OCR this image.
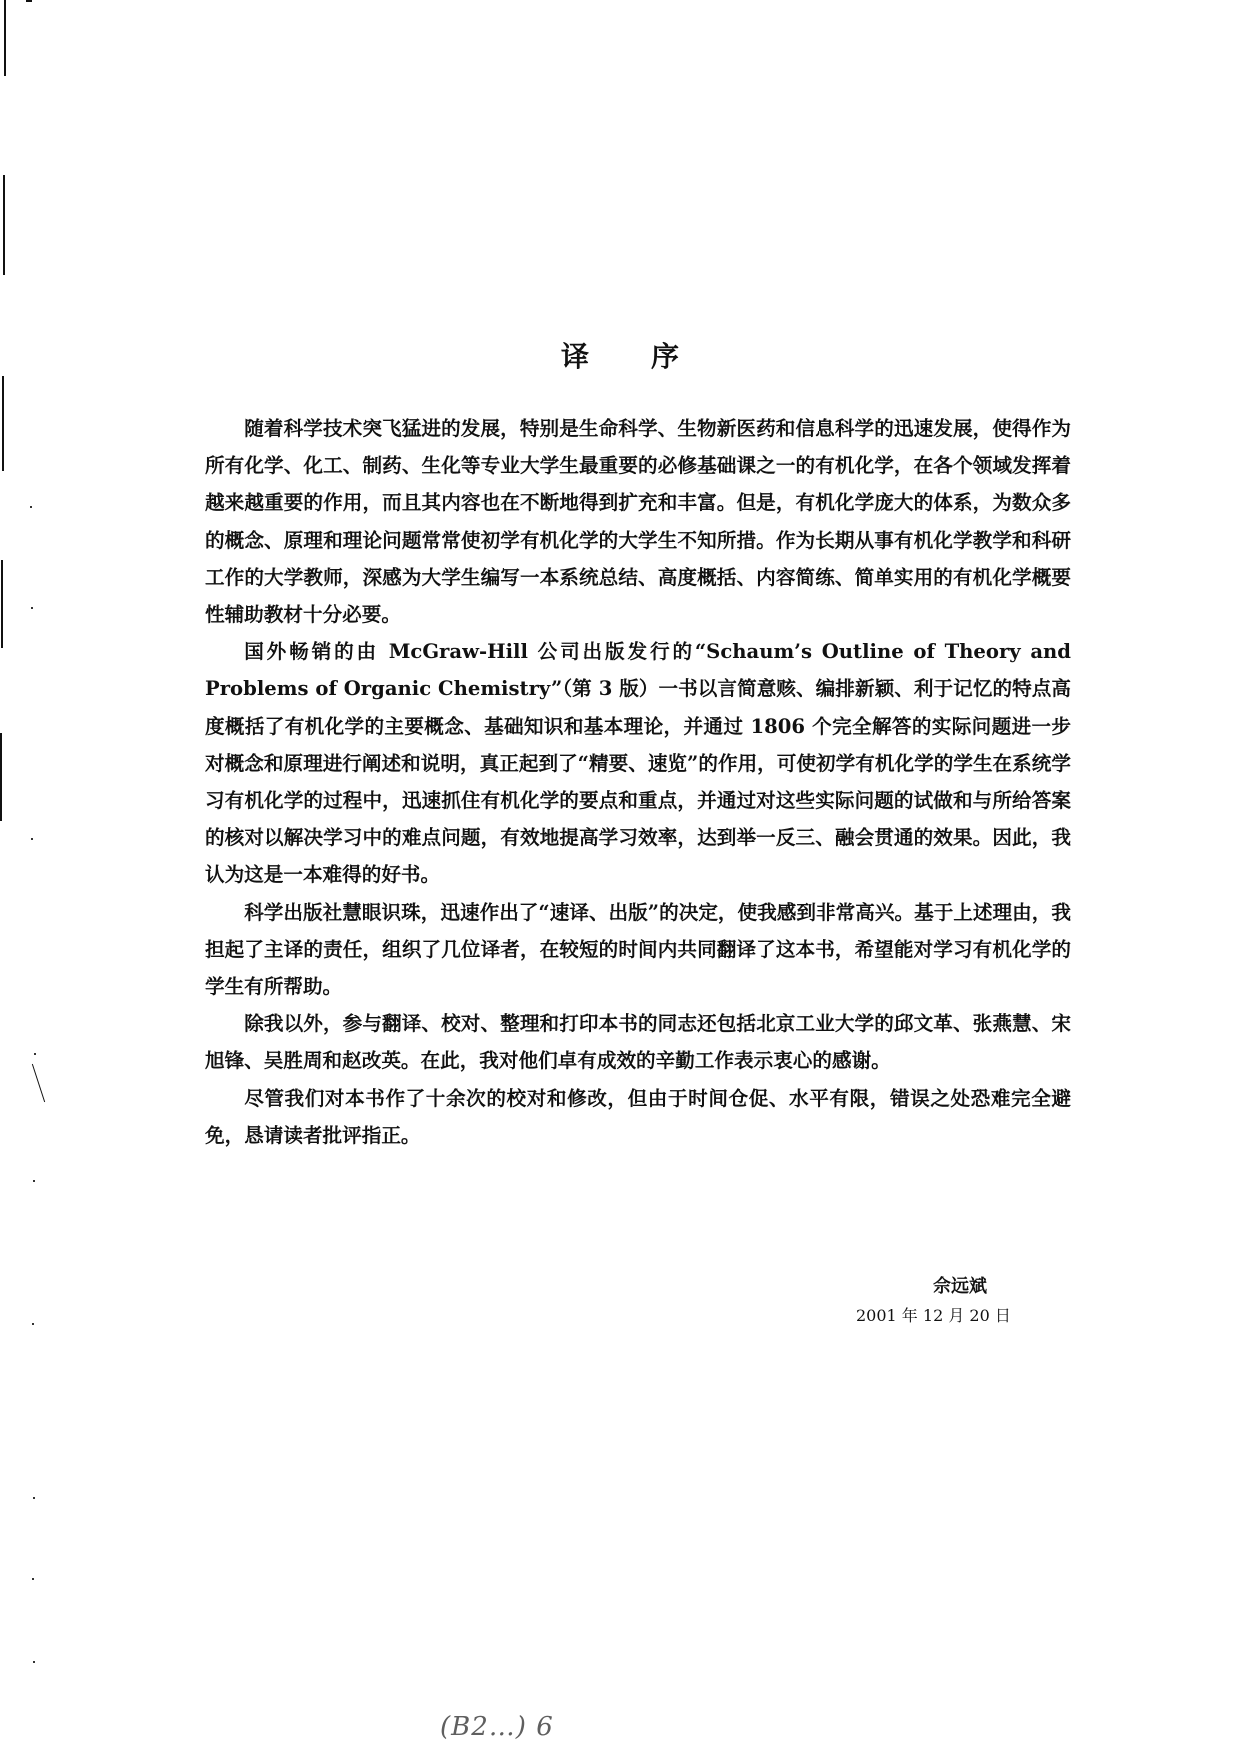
译 序

随着科学技术突飞猛进的发展，特别是生命科学、生物新医药和信息科学的迅速发展，使得作为所有化学、化工、制药、生化等专业大学生最重要的必修基础课之一的有机化学，在各个领域发挥着越来越重要的作用，而且其内容也在不断地得到扩充和丰富。但是，有机化学庞大的体系，为数众多的概念、原理和理论问题常常使初学有机化学的大学生不知所措。作为长期从事有机化学教学和科研工作的大学教师，深感为大学生编写一本系统总结、高度概括、内容简练、简单实用的有机化学概要性辅助教材十分必要。

国外畅销的由 McGraw-Hill 公司出版发行的“Schaum’s Outline of Theory and Problems of Organic Chemistry”（第 3 版）一书以言简意赅、编排新颖、利于记忆的特点高度概括了有机化学的主要概念、基础知识和基本理论，并通过 1806 个完全解答的实际问题进一步对概念和原理进行阐述和说明，真正起到了“精要、速览”的作用，可使初学有机化学的学生在系统学习有机化学的过程中，迅速抓住有机化学的要点和重点，并通过对这些实际问题的试做和与所给答案的核对以解决学习中的难点问题，有效地提高学习效率，达到举一反三、融会贯通的效果。因此，我认为这是一本难得的好书。

科学出版社慧眼识珠，迅速作出了“速译、出版”的决定，使我感到非常高兴。基于上述理由，我担起了主译的责任，组织了几位译者，在较短的时间内共同翻译了这本书，希望能对学习有机化学的学生有所帮助。

除我以外，参与翻译、校对、整理和打印本书的同志还包括北京工业大学的邱文革、张燕慧、宋旭锋、吴胜周和赵改英。在此，我对他们卓有成效的辛勤工作表示衷心的感谢。

尽管我们对本书作了十余次的校对和修改，但由于时间仓促、水平有限，错误之处恐难完全避免，恳请读者批评指正。

佘远斌
2001 年 12 月 20 日
(B2…) 6
